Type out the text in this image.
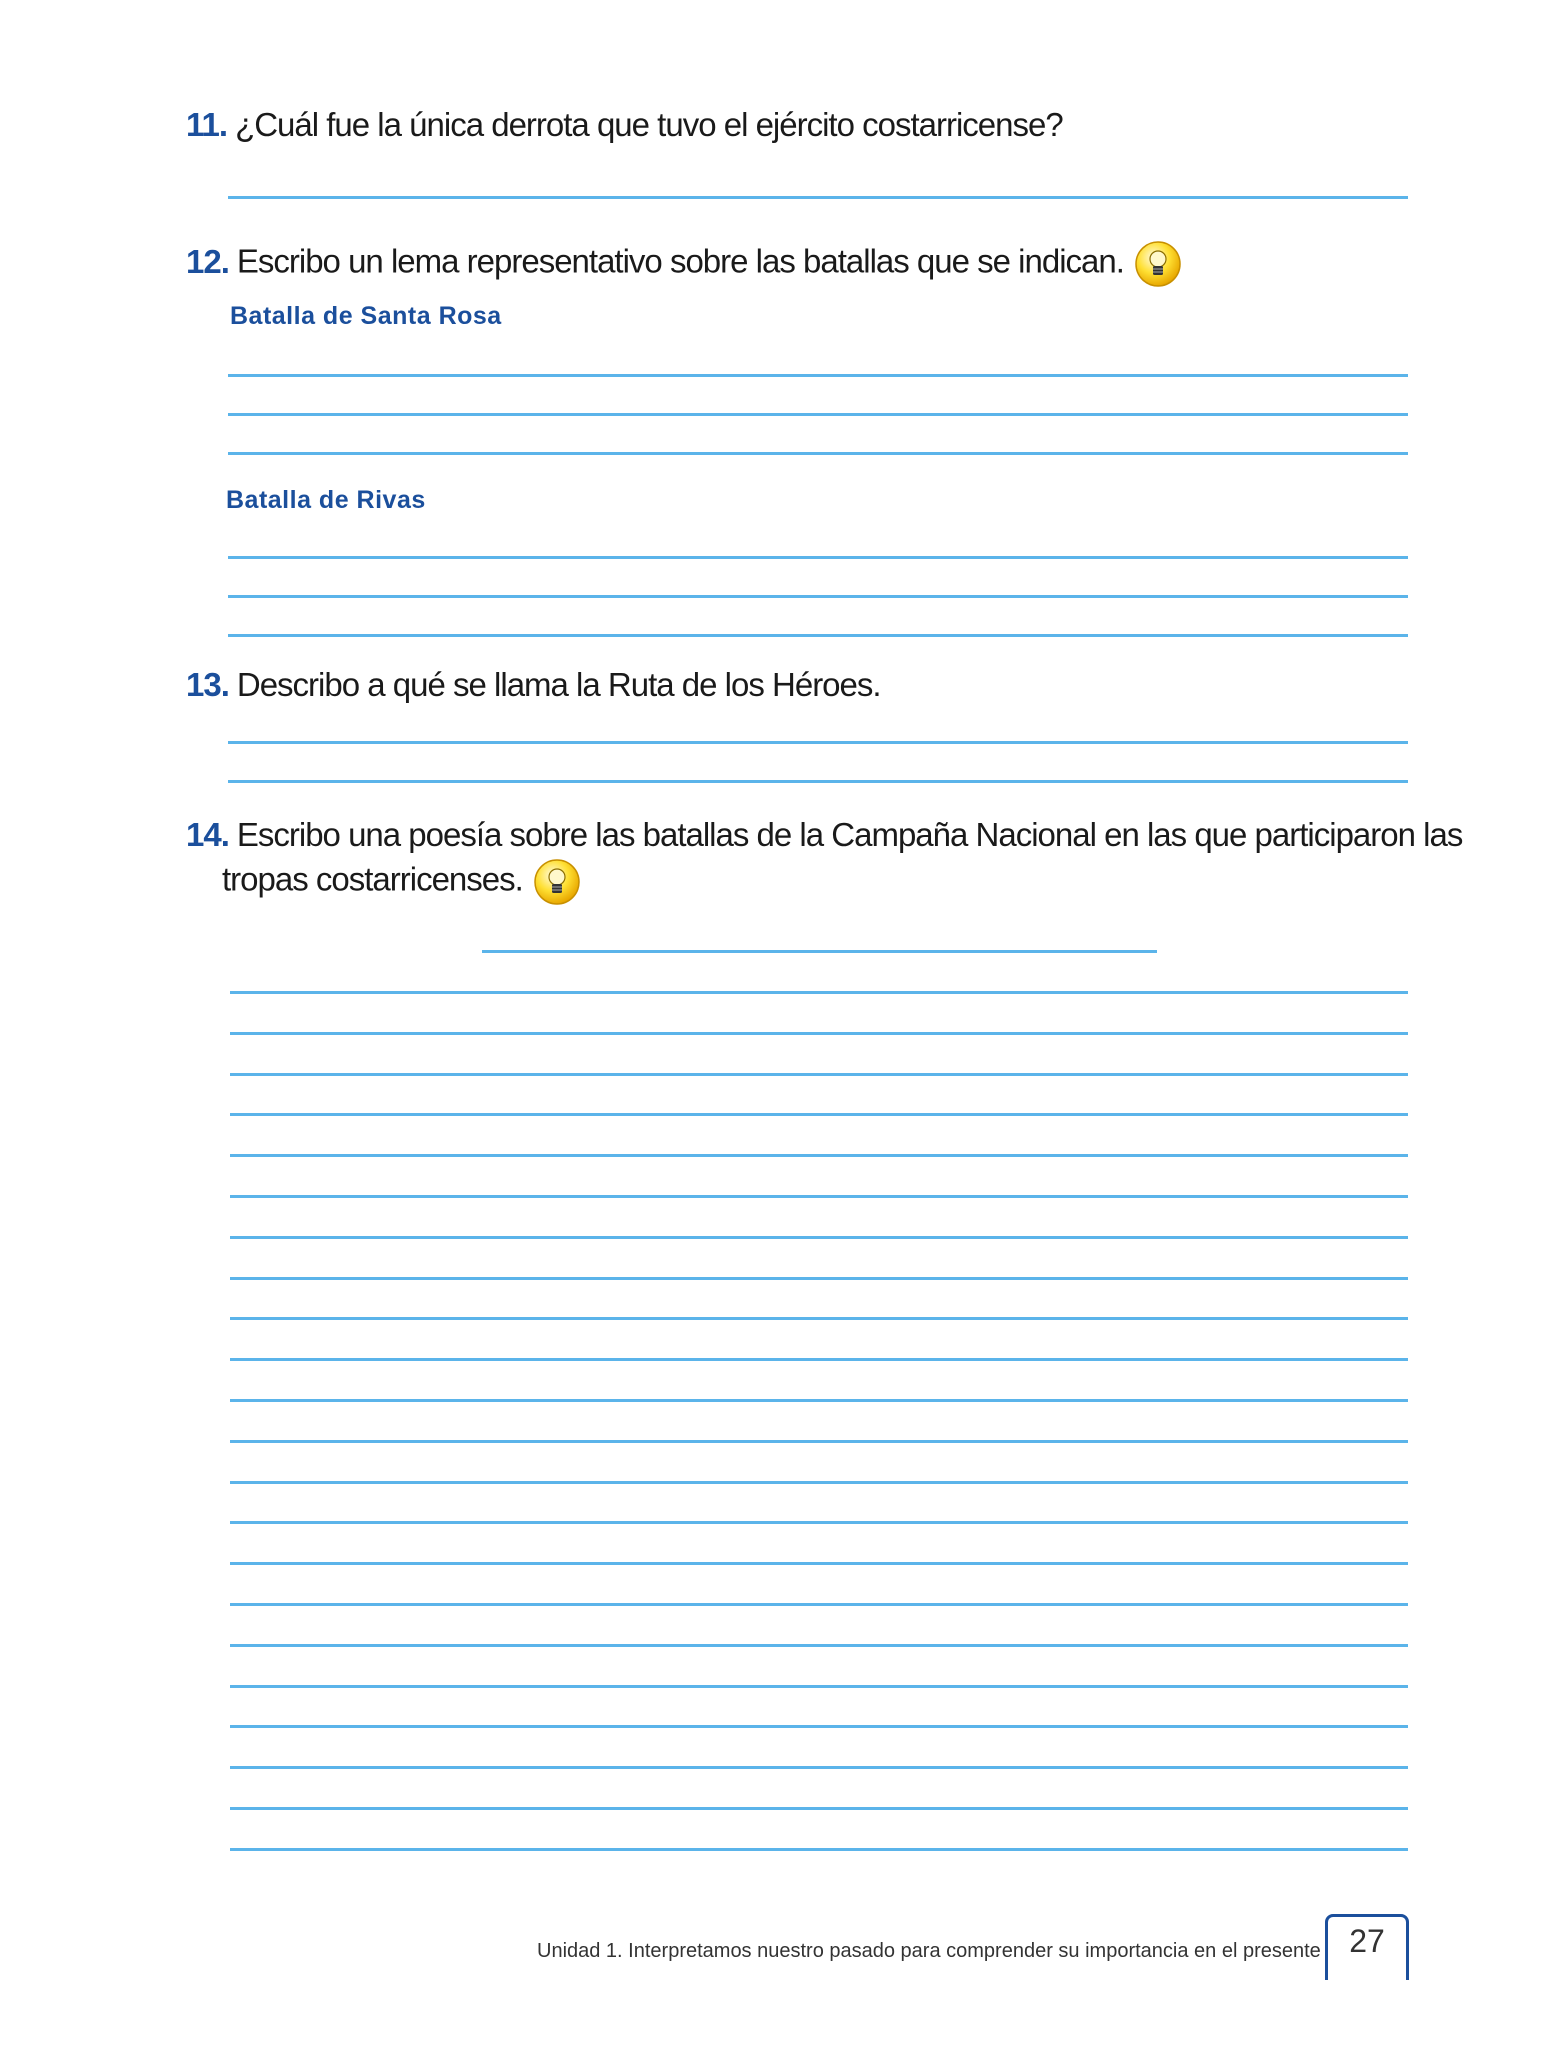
11. ¿Cuál fue la única derrota que tuvo el ejército costarricense?
12. Escribo un lema representativo sobre las batallas que se indican.
Batalla de Santa Rosa
Batalla de Rivas
13. Describo a qué se llama la Ruta de los Héroes.
14. Escribo una poesía sobre las batallas de la Campaña Nacional en las que participaron las
tropas costarricenses.
Unidad 1. Interpretamos nuestro pasado para comprender su importancia en el presente 27
